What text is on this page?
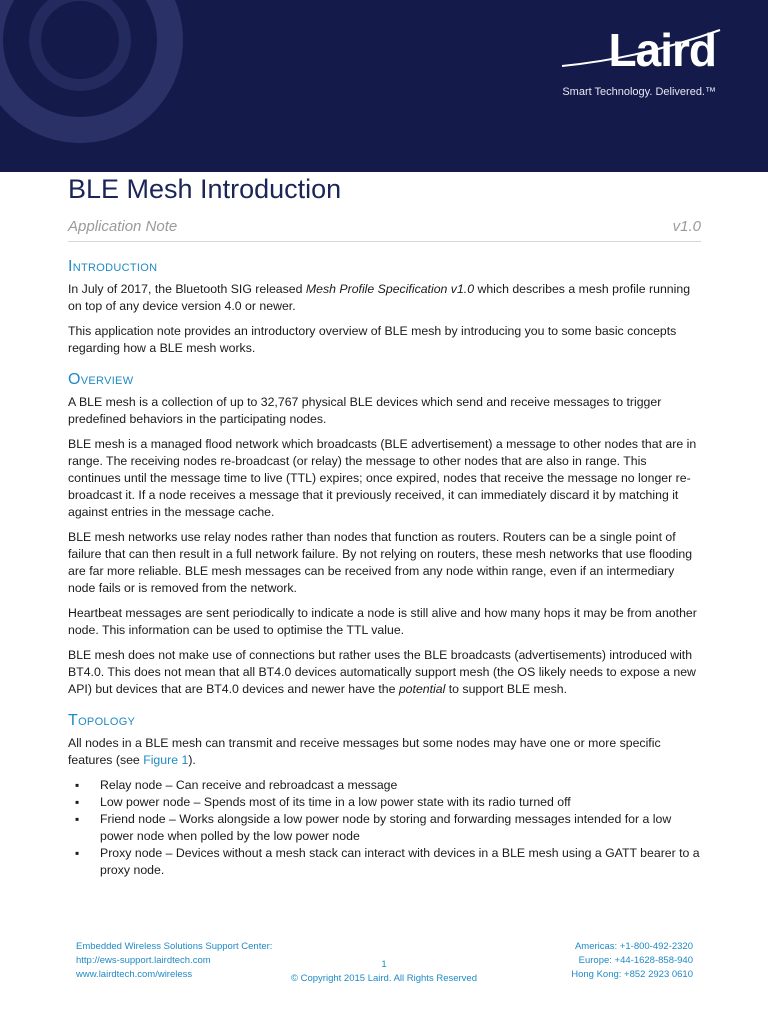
Laird
Smart Technology. Delivered.™
BLE Mesh Introduction
Application Note	v1.0
Introduction

In July of 2017, the Bluetooth SIG released Mesh Profile Specification v1.0 which describes a mesh profile running on top of any device version 4.0 or newer.

This application note provides an introductory overview of BLE mesh by introducing you to some basic concepts regarding how a BLE mesh works.

Overview

A BLE mesh is a collection of up to 32,767 physical BLE devices which send and receive messages to trigger predefined behaviors in the participating nodes.

BLE mesh is a managed flood network which broadcasts (BLE advertisement) a message to other nodes that are in range. The receiving nodes re-broadcast (or relay) the message to other nodes that are also in range. This continues until the message time to live (TTL) expires; once expired, nodes that receive the message no longer re-broadcast it. If a node receives a message that it previously received, it can immediately discard it by matching it against entries in the message cache.

BLE mesh networks use relay nodes rather than nodes that function as routers. Routers can be a single point of failure that can then result in a full network failure. By not relying on routers, these mesh networks that use flooding are far more reliable. BLE mesh messages can be received from any node within range, even if an intermediary node fails or is removed from the network.

Heartbeat messages are sent periodically to indicate a node is still alive and how many hops it may be from another node. This information can be used to optimise the TTL value.

BLE mesh does not make use of connections but rather uses the BLE broadcasts (advertisements) introduced with BT4.0. This does not mean that all BT4.0 devices automatically support mesh (the OS likely needs to expose a new API) but devices that are BT4.0 devices and newer have the potential to support BLE mesh.

Topology

All nodes in a BLE mesh can transmit and receive messages but some nodes may have one or more specific features (see Figure 1).

▪ Relay node – Can receive and rebroadcast a message
▪ Low power node – Spends most of its time in a low power state with its radio turned off
▪ Friend node – Works alongside a low power node by storing and forwarding messages intended for a low power node when polled by the low power node
▪ Proxy node – Devices without a mesh stack can interact with devices in a BLE mesh using a GATT bearer to a proxy node.
Embedded Wireless Solutions Support Center:
http://ews-support.lairdtech.com
www.lairdtech.com/wireless
1
© Copyright 2015 Laird. All Rights Reserved
Americas: +1-800-492-2320
Europe: +44-1628-858-940
Hong Kong: +852 2923 0610
